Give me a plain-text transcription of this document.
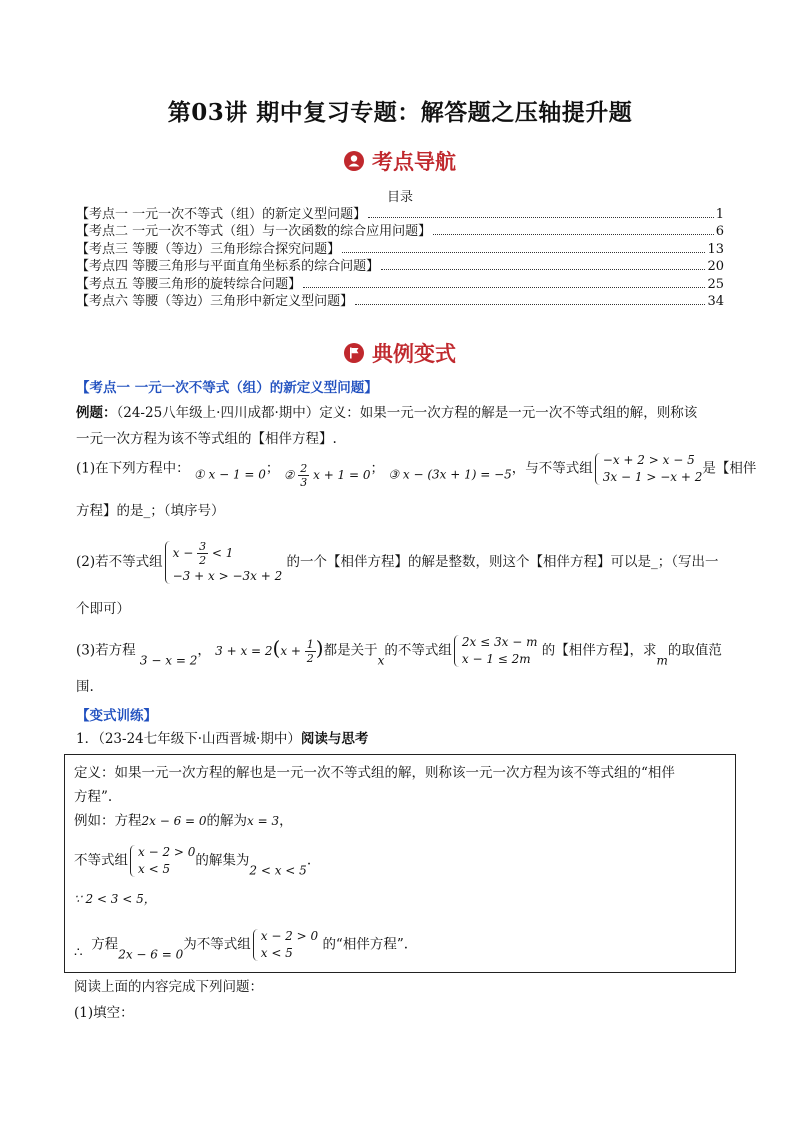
第03讲 期中复习专题：解答题之压轴提升题
考点导航
目录
【考点一 一元一次不等式（组）的新定义型问题】	1
【考点二 一元一次不等式（组）与一次函数的综合应用问题】	6
【考点三 等腰（等边）三角形综合探究问题】	13
【考点四 等腰三角形与平面直角坐标系的综合问题】	20
【考点五 等腰三角形的旋转综合问题】	25
【考点六 等腰（等边）三角形中新定义型问题】	34
典例变式
【考点一 一元一次不等式（组）的新定义型问题】
例题：（24-25八年级上·四川成都·期中）定义：如果一元一次方程的解是一元一次不等式组的解，则称该
一元一次方程为该不等式组的【相伴方程】.
(1)在下列方程中： ① x − 1 = 0； ② $\frac{2}{3}$ x + 1 = 0； ③ x − (3x + 1) = −5，与不等式组
−x + 2 > x − 5
3x − 1 > −x + 2
是【相伴
方程】的是_；（填序号）
(2)若不等式组
$x - \frac{3}{2} < 1$
−3 + x > −3x + 2
的一个【相伴方程】的解是整数，则这个【相伴方程】可以是_；（写出一
个即可）
(3)若方程 3 − x = 2， $3 + x = 2(x + \frac{1}{2}$ )都是关于x的不等式组
2x ≤ 3x − m
x − 1 ≤ 2m
的【相伴方程】，求m的取值范
围.
【变式训练】
1．（23-24七年级下·山西晋城·期中）阅读与思考
定义：如果一元一次方程的解也是一元一次不等式组的解，则称该一元一次方程为该不等式组的“相伴
方程”.
例如：方程2x − 6 = 0的解为x = 3，
不等式组
x − 2 > 0
x < 5
的解集为2 < x < 5.
∵ 2 < 3 < 5，
∴ 方程2x − 6 = 0为不等式组
x − 2 > 0
x < 5
的“相伴方程”.
阅读上面的内容完成下列问题：
(1)填空：
